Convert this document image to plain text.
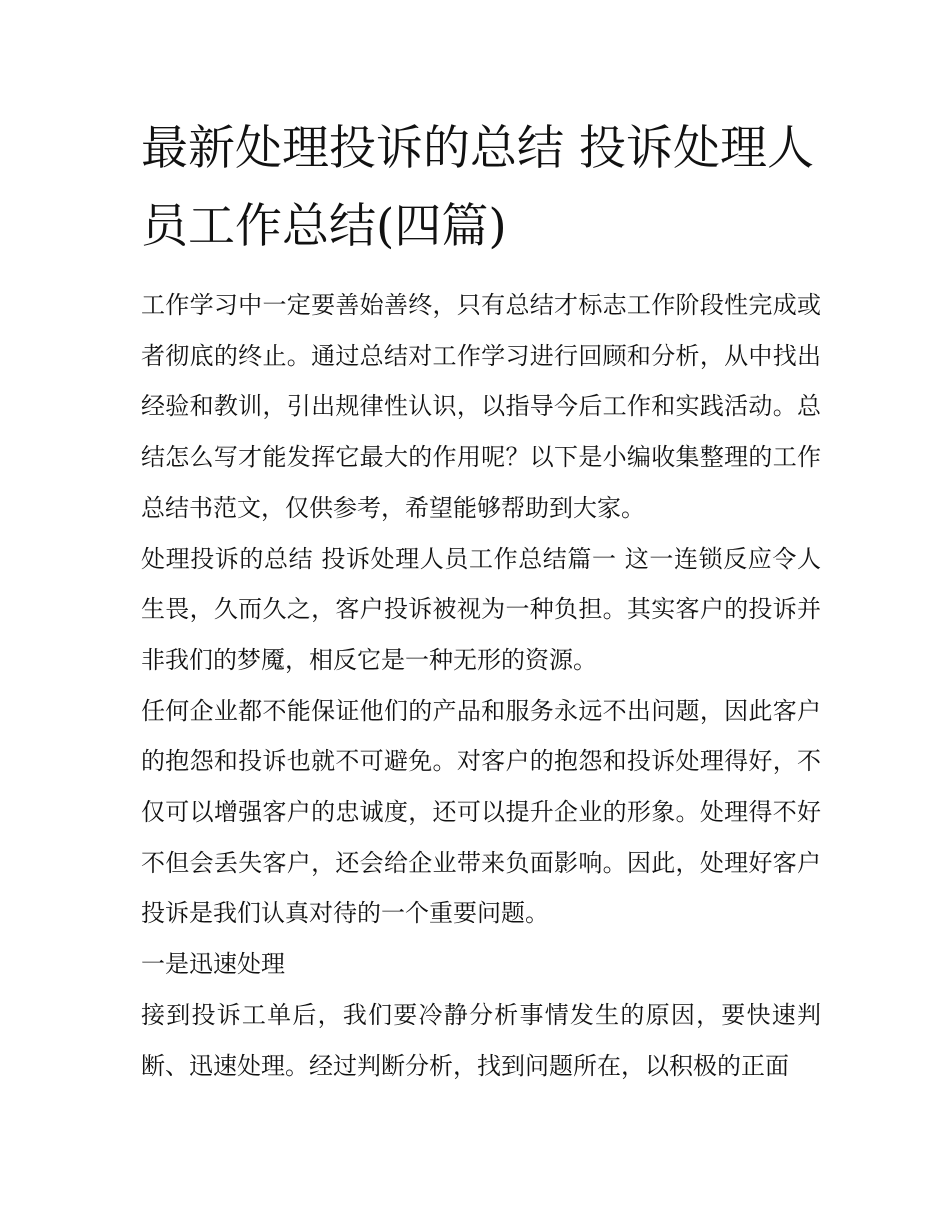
最新处理投诉的总结 投诉处理人员工作总结(四篇)

工作学习中一定要善始善终，只有总结才标志工作阶段性完成或者彻底的终止。通过总结对工作学习进行回顾和分析，从中找出经验和教训，引出规律性认识，以指导今后工作和实践活动。总结怎么写才能发挥它最大的作用呢？以下是小编收集整理的工作总结书范文，仅供参考，希望能够帮助到大家。

处理投诉的总结 投诉处理人员工作总结篇一 这一连锁反应令人生畏，久而久之，客户投诉被视为一种负担。其实客户的投诉并非我们的梦魇，相反它是一种无形的资源。

任何企业都不能保证他们的产品和服务永远不出问题，因此客户的抱怨和投诉也就不可避免。对客户的抱怨和投诉处理得好，不仅可以增强客户的忠诚度，还可以提升企业的形象。处理得不好不但会丢失客户，还会给企业带来负面影响。因此，处理好客户投诉是我们认真对待的一个重要问题。

一是迅速处理

接到投诉工单后，我们要冷静分析事情发生的原因，要快速判断、迅速处理。经过判断分析，找到问题所在，以积极的正面
